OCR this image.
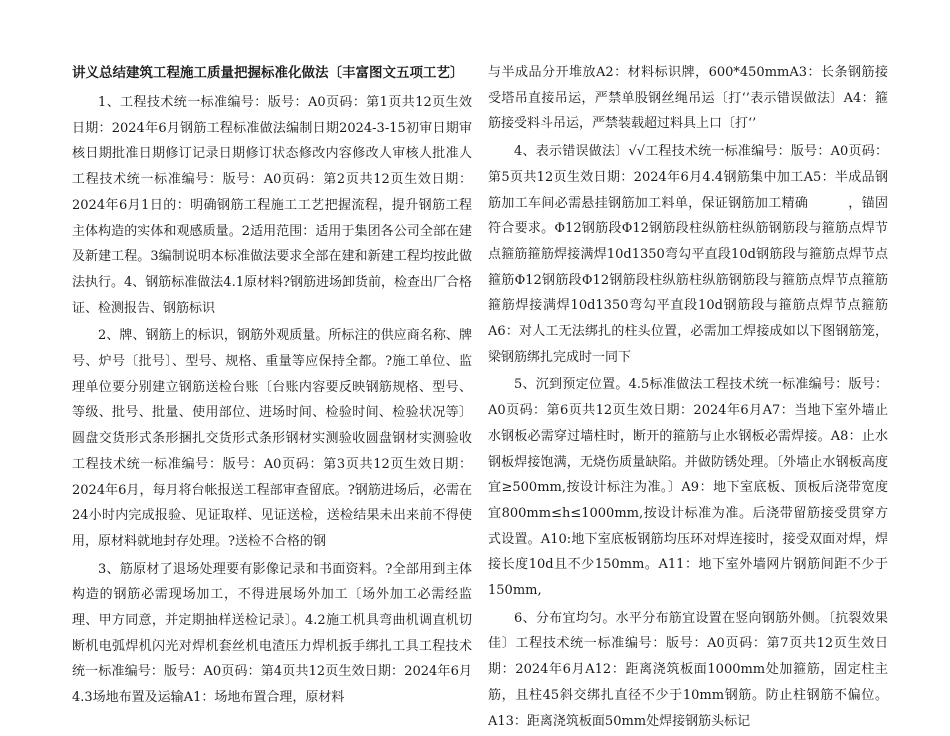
讲义总结建筑工程施工质量把握标准化做法〔丰富图文五项工艺〕

1、工程技术统一标准编号：版号：A0页码：第1页共12页生效日期：2024年6月钢筋工程标准做法编制日期2024-3-15初审日期审核日期批准日期修订记录日期修订状态修改内容修改人审核人批准人工程技术统一标准编号：版号：A0页码：第2页共12页生效日期：2024年6月1日的：明确钢筋工程施工工艺把握流程，提升钢筋工程主体构造的实体和观感质量。2适用范围：适用于集团各公司全部在建及新建工程。3编制说明本标准做法要求全部在建和新建工程均按此做法执行。4、钢筋标准做法4.1原材料?钢筋进场卸货前，检查出厂合格证、检测报告、钢筋标识

2、牌、钢筋上的标识，钢筋外观质量。所标注的供应商名称、牌号、炉号〔批号〕、型号、规格、重量等应保持全都。?施工单位、监理单位要分别建立钢筋送检台账〔台账内容要反映钢筋规格、型号、等级、批号、批量、使用部位、进场时间、检验时间、检验状况等〕圆盘交货形式条形捆扎交货形式条形钢材实测验收圆盘钢材实测验收工程技术统一标准编号：版号：A0页码：第3页共12页生效日期：2024年6月，每月将台帐报送工程部审查留底。?钢筋进场后，必需在24小时内完成报验、见证取样、见证送检，送检结果未出来前不得使用，原材料就地封存处理。?送检不合格的钢

3、筋原材了退场处理要有影像记录和书面资料。?全部用到主体构造的钢筋必需现场加工，不得进展场外加工〔场外加工必需经监理、甲方同意，并定期抽样送检记录〕。4.2施工机具弯曲机调直机切断机电弧焊机闪光对焊机套丝机电渣压力焊机扳手绑扎工具工程技术统一标准编号：版号：A0页码：第4页共12页生效日期：2024年6月4.3场地布置及运输A1：场地布置合理，原材料

与半成品分开堆放A2：材料标识牌，600*450mmA3：长条钢筋接受塔吊直接吊运，严禁单股钢丝绳吊运〔打‘’表示错误做法〕A4：箍筋接受料斗吊运，严禁装载超过料具上口〔打‘’

4、表示错误做法〕√√工程技术统一标准编号：版号：A0页码：第5页共12页生效日期：2024年6月4.4钢筋集中加工A5：半成品钢筋加工车间必需悬挂钢筋加工料单，保证钢筋加工精确　　　，锚固符合要求。Φ12钢筋段Φ12钢筋段柱纵筋柱纵筋钢筋段与箍筋点焊节点箍筋箍筋焊接满焊10d1350弯勾平直段10d钢筋段与箍筋点焊节点箍筋Φ12钢筋段Φ12钢筋段柱纵筋柱纵筋钢筋段与箍筋点焊节点箍筋箍筋焊接满焊10d1350弯勾平直段10d钢筋段与箍筋点焊节点箍筋A6：对人工无法绑扎的柱头位置，必需加工焊接成如以下图钢筋笼，梁钢筋绑扎完成时一同下

5、沉到预定位置。4.5标准做法工程技术统一标准编号：版号：A0页码：第6页共12页生效日期：2024年6月A7：当地下室外墙止水钢板必需穿过墙柱时，断开的箍筋与止水钢板必需焊接。A8：止水钢板焊接饱满，无烧伤质量缺陷。并做防锈处理。〔外墙止水钢板高度宜≥500mm,按设计标注为准。〕A9：地下室底板、顶板后浇带宽度宜800mm≤h≤1000mm,按设计标准为准。后浇带留筋接受贯穿方式设置。A10:地下室底板钢筋均压环对焊连接时，接受双面对焊，焊接长度10d且不少150mm。A11：地下室外墙网片钢筋间距不少于150mm,

6、分布宜均匀。水平分布筋宜设置在竖向钢筋外侧。〔抗裂效果佳〕工程技术统一标准编号：版号：A0页码：第7页共12页生效日期：2024年6月A12：距离浇筑板面1000mm处加箍筋，固定柱主筋，且柱45斜交绑扎直径不少于10mm钢筋。防止柱钢筋不偏位。A13：距离浇筑板面50mm处焊接钢筋头标记
